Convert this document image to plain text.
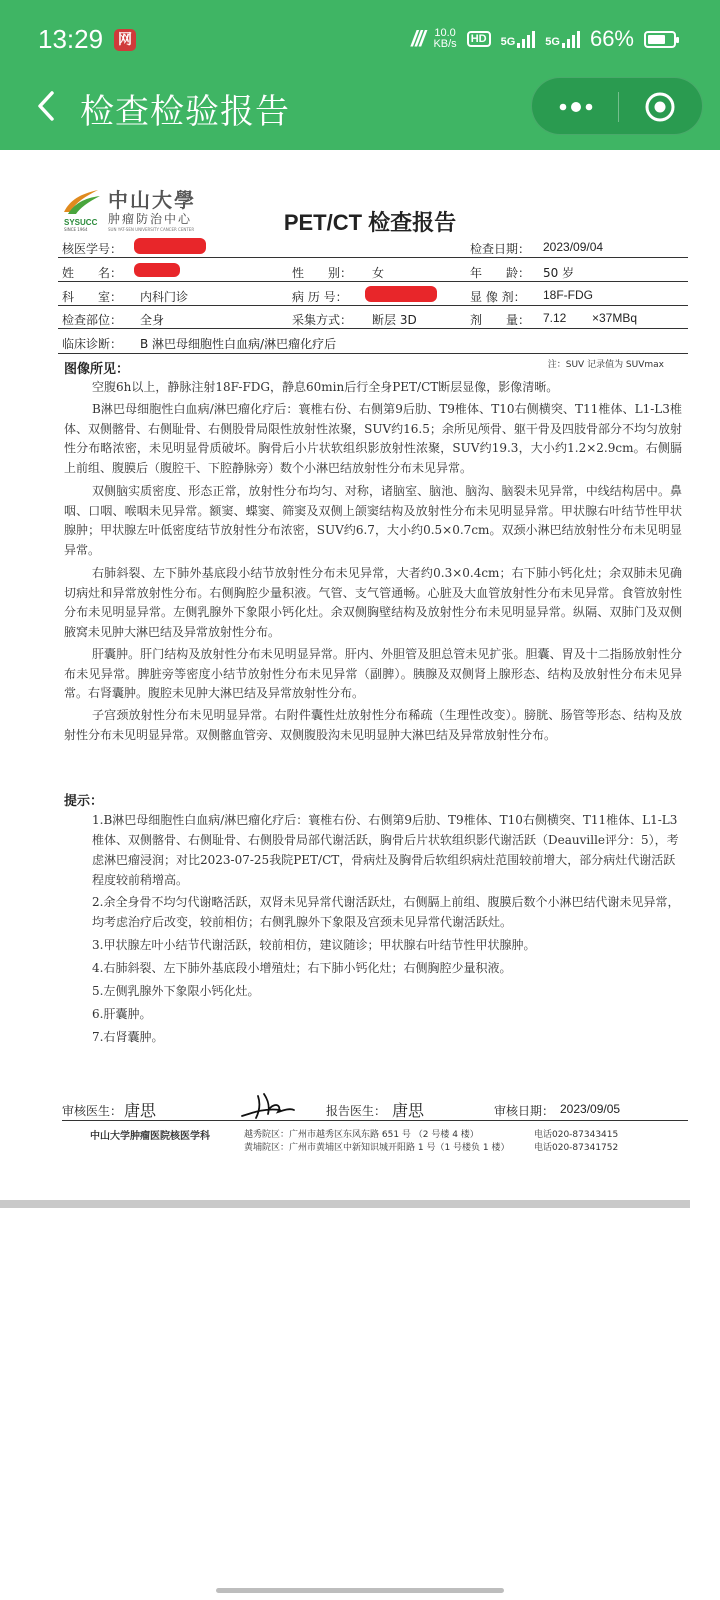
13:29 网	/// 10.0
KB/s	HD	5G	5G 66%
检查检验报告
中山大學
肿瘤防治中心
SUN YAT-SEN UNIVERSITY CANCER CENTER
SYSUCC
SINCE 1964	PET/CT 检查报告
核医学号：	检查日期： 2023/09/04
姓　　名：	性　　别： 女	年　　龄： 50 岁
科　　室： 内科门诊	病 历 号：	显 像 剂： 18F-FDG
检查部位： 全身	采集方式： 断层 3D	剂　　量： 7.12 ×37MBq
临床诊断： B 淋巴母细胞性白血病/淋巴瘤化疗后
图像所见：	注：SUV 记录值为 SUVmax

空腹6h以上，静脉注射18F-FDG，静息60min后行全身PET/CT断层显像，影像清晰。

B淋巴母细胞性白血病/淋巴瘤化疗后：寰椎右份、右侧第9后肋、T9椎体、T10右侧横突、T11椎体、L1-L3椎体、双侧髂骨、右侧耻骨、右侧股骨局限性放射性浓聚，SUV约16.5；余所见颅骨、躯干骨及四肢骨部分不均匀放射性分布略浓密，未见明显骨质破坏。胸骨后小片状软组织影放射性浓聚，SUV约19.3，大小约1.2×2.9cm。右侧膈上前组、腹膜后（腹腔干、下腔静脉旁）数个小淋巴结放射性分布未见异常。

双侧脑实质密度、形态正常，放射性分布均匀、对称，诸脑室、脑池、脑沟、脑裂未见异常，中线结构居中。鼻咽、口咽、喉咽未见异常。额窦、蝶窦、筛窦及双侧上颌窦结构及放射性分布未见明显异常。甲状腺右叶结节性甲状腺肿；甲状腺左叶低密度结节放射性分布浓密，SUV约6.7，大小约0.5×0.7cm。双颈小淋巴结放射性分布未见明显异常。

右肺斜裂、左下肺外基底段小结节放射性分布未见异常，大者约0.3×0.4cm；右下肺小钙化灶；余双肺未见确切病灶和异常放射性分布。右侧胸腔少量积液。气管、支气管通畅。心脏及大血管放射性分布未见异常。食管放射性分布未见明显异常。左侧乳腺外下象限小钙化灶。余双侧胸壁结构及放射性分布未见明显异常。纵隔、双肺门及双侧腋窝未见肿大淋巴结及异常放射性分布。

肝囊肿。肝门结构及放射性分布未见明显异常。肝内、外胆管及胆总管未见扩张。胆囊、胃及十二指肠放射性分布未见异常。脾脏旁等密度小结节放射性分布未见异常（副脾）。胰腺及双侧肾上腺形态、结构及放射性分布未见异常。右肾囊肿。腹腔未见肿大淋巴结及异常放射性分布。

子宫颈放射性分布未见明显异常。右附件囊性灶放射性分布稀疏（生理性改变）。膀胱、肠管等形态、结构及放射性分布未见明显异常。双侧髂血管旁、双侧腹股沟未见明显肿大淋巴结及异常放射性分布。

提示：

1.B淋巴母细胞性白血病/淋巴瘤化疗后：寰椎右份、右侧第9后肋、T9椎体、T10右侧横突、T11椎体、L1-L3椎体、双侧髂骨、右侧耻骨、右侧股骨局部代谢活跃，胸骨后片状软组织影代谢活跃（Deauville评分：5），考虑淋巴瘤浸润；对比2023-07-25我院PET/CT，骨病灶及胸骨后软组织病灶范围较前增大，部分病灶代谢活跃程度较前稍增高。

2.余全身骨不均匀代谢略活跃，双肾未见异常代谢活跃灶，右侧膈上前组、腹膜后数个小淋巴结代谢未见异常，均考虑治疗后改变，较前相仿；右侧乳腺外下象限及宫颈未见异常代谢活跃灶。

3.甲状腺左叶小结节代谢活跃，较前相仿，建议随诊；甲状腺右叶结节性甲状腺肿。

4.右肺斜裂、左下肺外基底段小增殖灶；右下肺小钙化灶；右侧胸腔少量积液。

5.左侧乳腺外下象限小钙化灶。

6.肝囊肿。

7.右肾囊肿。

审核医生： 唐思	报告医生： 唐思	审核日期： 2023/09/05
中山大学肿瘤医院核医学科	越秀院区：广州市越秀区东风东路 651 号 （2 号楼 4 楼）
黄埔院区：广州市黄埔区中新知识城开阳路 1 号（1 号楼负 1 楼）
电话020-87343415
电话020-87341752
